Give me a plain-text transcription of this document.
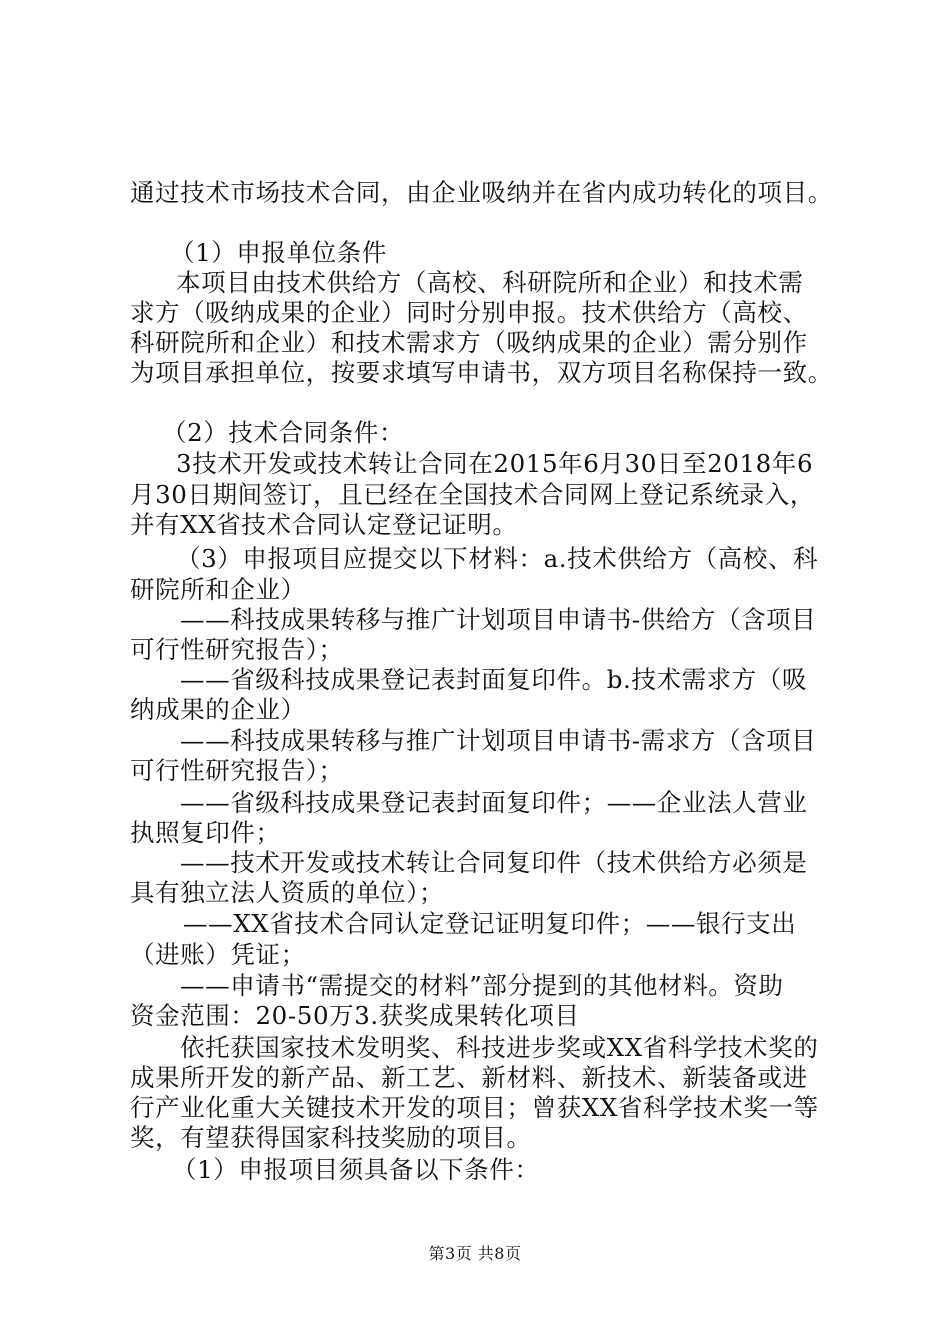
通过技术市场技术合同，由企业吸纳并在省内成功转化的项目。
（1）申报单位条件
本项目由技术供给方（高校、科研院所和企业）和技术需
求方（吸纳成果的企业）同时分别申报。技术供给方（高校、
科研院所和企业）和技术需求方（吸纳成果的企业）需分别作
为项目承担单位，按要求填写申请书，双方项目名称保持一致。
（2）技术合同条件：
3技术开发或技术转让合同在2015年6月30日至2018年6
月30日期间签订，且已经在全国技术合同网上登记系统录入，
并有XX省技术合同认定登记证明。
（3）申报项目应提交以下材料：a.技术供给方（高校、科
研院所和企业）
——科技成果转移与推广计划项目申请书-供给方（含项目
可行性研究报告）；
——省级科技成果登记表封面复印件。b.技术需求方（吸
纳成果的企业）
——科技成果转移与推广计划项目申请书-需求方（含项目
可行性研究报告）；
——省级科技成果登记表封面复印件；——企业法人营业
执照复印件；
——技术开发或技术转让合同复印件（技术供给方必须是
具有独立法人资质的单位）；
——XX省技术合同认定登记证明复印件；——银行支出
（进账）凭证；
——申请书“需提交的材料”部分提到的其他材料。资助
资金范围：20-50万3.获奖成果转化项目
依托获国家技术发明奖、科技进步奖或XX省科学技术奖的
成果所开发的新产品、新工艺、新材料、新技术、新装备或进
行产业化重大关键技术开发的项目；曾获XX省科学技术奖一等
奖，有望获得国家科技奖励的项目。
（1）申报项目须具备以下条件：
第3页 共8页
